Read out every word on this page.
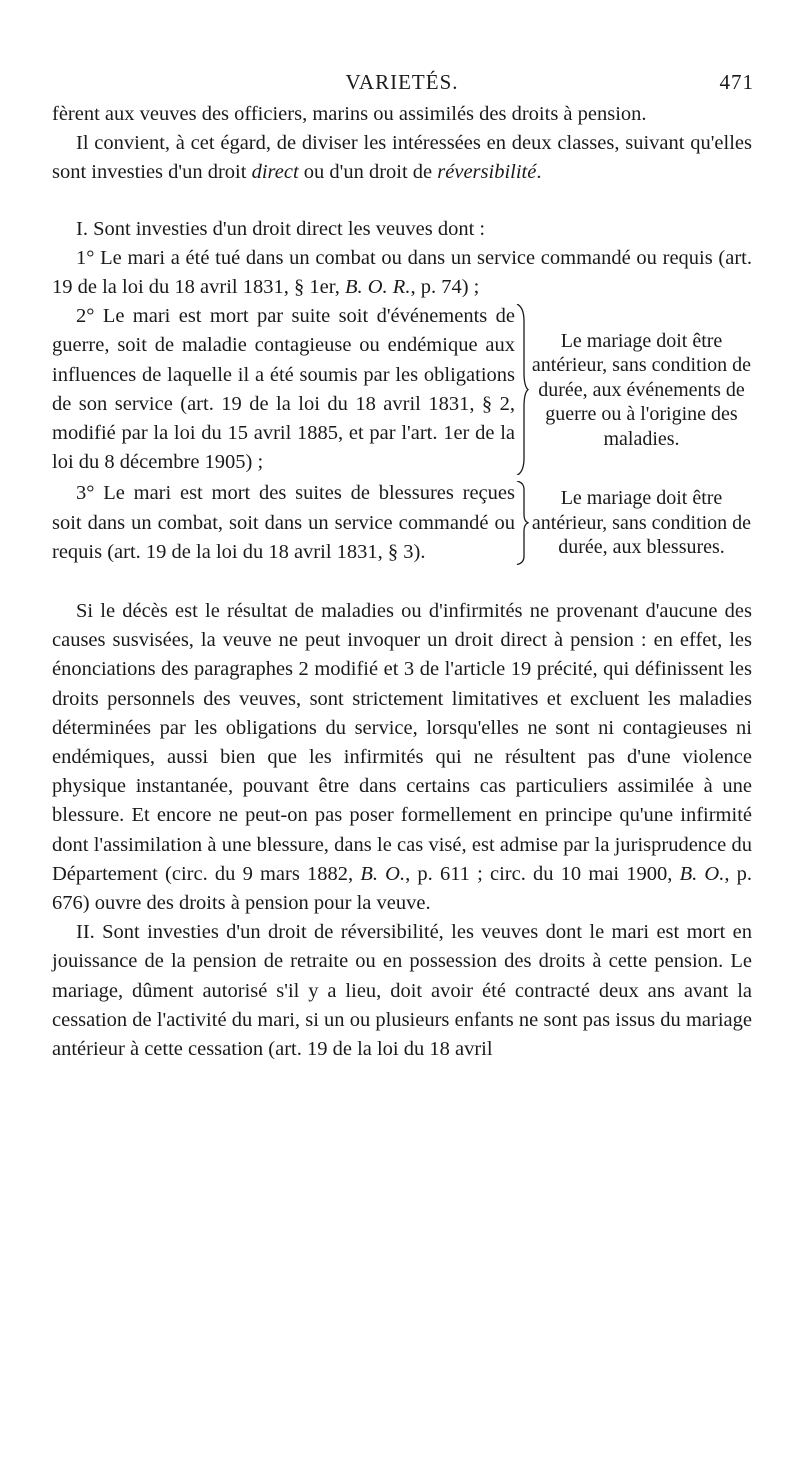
VARIETÉS.	471

fèrent aux veuves des officiers, marins ou assimilés des droits à pension.

Il convient, à cet égard, de diviser les intéressées en deux classes, suivant qu'elles sont investies d'un droit direct ou d'un droit de réversibilité.

I. Sont investies d'un droit direct les veuves dont :

1° Le mari a été tué dans un combat ou dans un service commandé ou requis (art. 19 de la loi du 18 avril 1831, § 1er, B. O. R., p. 74) ;

2° Le mari est mort par suite soit d'événements de guerre, soit de maladie contagieuse ou endémique aux influences de laquelle il a été soumis par les obligations de son service (art. 19 de la loi du 18 avril 1831, § 2, modifié par la loi du 15 avril 1885, et par l'art. 1er de la loi du 8 décembre 1905) ;

Le mariage doit être antérieur, sans condition de durée, aux événements de guerre ou à l'origine des maladies.

3° Le mari est mort des suites de blessures reçues soit dans un combat, soit dans un service commandé ou requis (art. 19 de la loi du 18 avril 1831, § 3).

Le mariage doit être antérieur, sans condition de durée, aux blessures.

Si le décès est le résultat de maladies ou d'infirmités ne provenant d'aucune des causes susvisées, la veuve ne peut invoquer un droit direct à pension : en effet, les énonciations des paragraphes 2 modifié et 3 de l'article 19 précité, qui définissent les droits personnels des veuves, sont strictement limitatives et excluent les maladies déterminées par les obligations du service, lorsqu'elles ne sont ni contagieuses ni endémiques, aussi bien que les infirmités qui ne résultent pas d'une violence physique instantanée, pouvant être dans certains cas particuliers assimilée à une blessure. Et encore ne peut-on pas poser formellement en principe qu'une infirmité dont l'assimilation à une blessure, dans le cas visé, est admise par la jurisprudence du Département (circ. du 9 mars 1882, B. O., p. 611 ; circ. du 10 mai 1900, B. O., p. 676) ouvre des droits à pension pour la veuve.

II. Sont investies d'un droit de réversibilité, les veuves dont le mari est mort en jouissance de la pension de retraite ou en possession des droits à cette pension. Le mariage, dûment autorisé s'il y a lieu, doit avoir été contracté deux ans avant la cessation de l'activité du mari, si un ou plusieurs enfants ne sont pas issus du mariage antérieur à cette cessation (art. 19 de la loi du 18 avril
